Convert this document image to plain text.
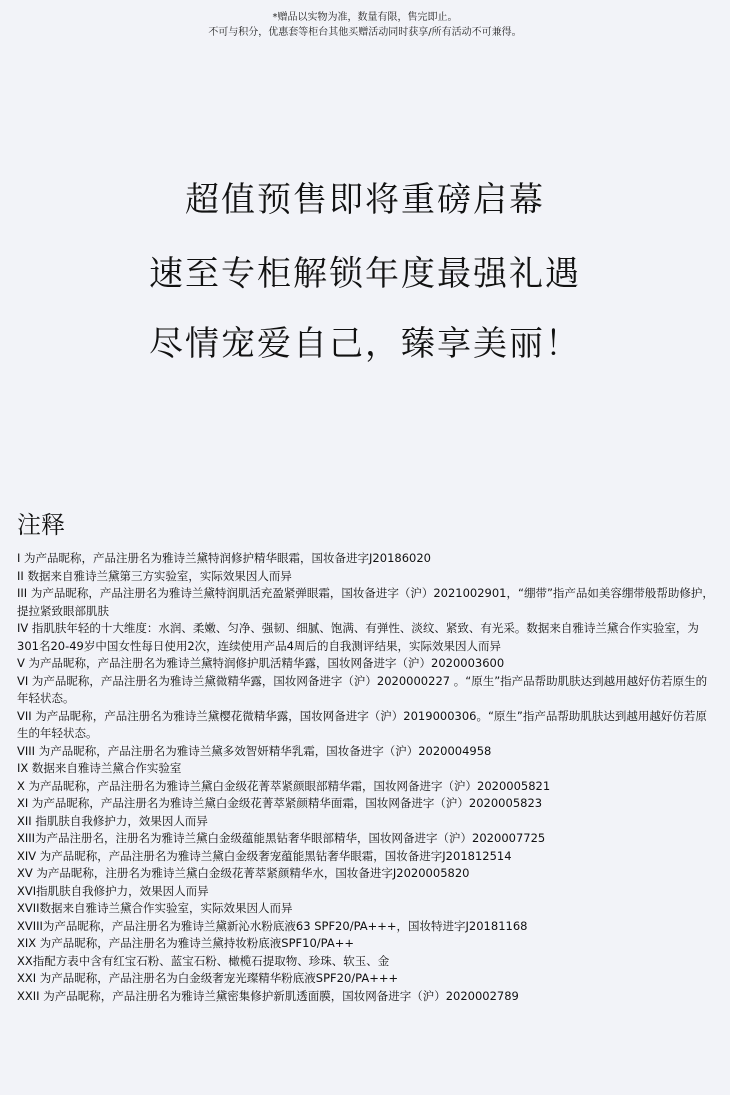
*赠品以实物为准，数量有限，售完即止。
不可与积分，优惠套等柜台其他买赠活动同时获享/所有活动不可兼得。
超值预售即将重磅启幕
速至专柜解锁年度最强礼遇
尽情宠爱自己，臻享美丽！
注释
I 为产品昵称，产品注册名为雅诗兰黛特润修护精华眼霜，国妆备进字J20186020
II 数据来自雅诗兰黛第三方实验室，实际效果因人而异
III 为产品昵称，产品注册名为雅诗兰黛特润肌活充盈紧弹眼霜，国妆备进字（沪）2021002901，“绷带”指产品如美容绷带般帮助修护，提拉紧致眼部肌肤
IV 指肌肤年轻的十大维度：水润、柔嫩、匀净、强韧、细腻、饱满、有弹性、淡纹、紧致、有光采。数据来自雅诗兰黛合作实验室，为301名20-49岁中国女性每日使用2次，连续使用产品4周后的自我测评结果，实际效果因人而异
V 为产品昵称，产品注册名为雅诗兰黛特润修护肌活精华露，国妆网备进字（沪）2020003600
VI 为产品昵称，产品注册名为雅诗兰黛微精华露，国妆网备进字（沪）2020000227 。“原生”指产品帮助肌肤达到越用越好仿若原生的年轻状态。
VII 为产品昵称，产品注册名为雅诗兰黛樱花微精华露，国妆网备进字（沪）2019000306。“原生”指产品帮助肌肤达到越用越好仿若原生的年轻状态。
VIII 为产品昵称，产品注册名为雅诗兰黛多效智妍精华乳霜，国妆备进字（沪）2020004958
IX 数据来自雅诗兰黛合作实验室
X 为产品昵称，产品注册名为雅诗兰黛白金级花菁萃紧颜眼部精华霜，国妆网备进字（沪）2020005821
XI 为产品昵称，产品注册名为雅诗兰黛白金级花菁萃紧颜精华面霜，国妆网备进字（沪）2020005823
XII 指肌肤自我修护力，效果因人而异
XIII为产品注册名，注册名为雅诗兰黛白金级蕴能黑钻奢华眼部精华，国妆网备进字（沪）2020007725
XIV 为产品昵称，产品注册名为雅诗兰黛白金级奢宠蕴能黑钻奢华眼霜，国妆备进字J201812514
XV 为产品昵称，注册名为雅诗兰黛白金级花菁萃紧颜精华水，国妆备进字J2020005820
XVI指肌肤自我修护力，效果因人而异
XVII数据来自雅诗兰黛合作实验室，实际效果因人而异
XVIII为产品昵称，产品注册名为雅诗兰黛新沁水粉底液63 SPF20/PA+++，国妆特进字J20181168
XIX 为产品昵称，产品注册名为雅诗兰黛持妆粉底液SPF10/PA++
XX指配方表中含有红宝石粉、蓝宝石粉、橄榄石提取物、珍珠、软玉、金
XXI 为产品昵称，产品注册名为白金级奢宠光璨精华粉底液SPF20/PA+++
XXII 为产品昵称，产品注册名为雅诗兰黛密集修护新肌透面膜，国妆网备进字（沪）2020002789
